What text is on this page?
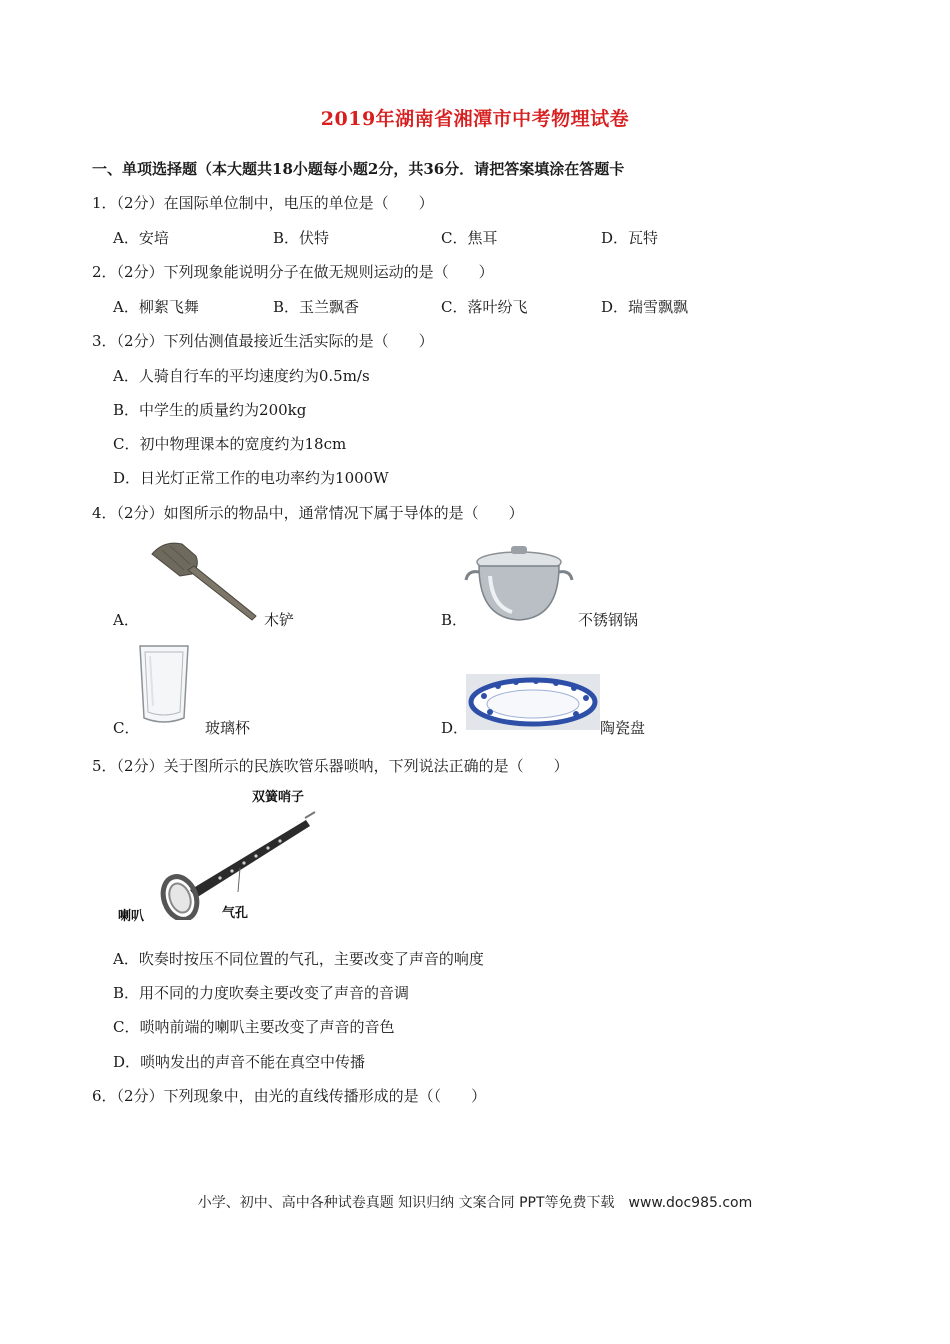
2019年湖南省湘潭市中考物理试卷
一、单项选择题（本大题共18小题每小题2分，共36分．请把答案填涂在答题卡
1．（2分）在国际单位制中，电压的单位是（　　）
A．安培	B．伏特	C．焦耳	D．瓦特
2．（2分）下列现象能说明分子在做无规则运动的是（　　）
A．柳絮飞舞	B．玉兰飘香	C．落叶纷飞	D．瑞雪飘飘
3．（2分）下列估测值最接近生活实际的是（　　）
A．人骑自行车的平均速度约为0.5m/s
B．中学生的质量约为200kg
C．初中物理课本的宽度约为18cm
D．日光灯正常工作的电功率约为1000W
4．（2分）如图所示的物品中，通常情况下属于导体的是（　　）
A．	木铲	B．	不锈钢锅
C．	玻璃杯	D．	陶瓷盘
5．（2分）关于图所示的民族吹管乐器唢呐，下列说法正确的是（　　）
双簧哨子
喇叭	气孔
A．吹奏时按压不同位置的气孔，主要改变了声音的响度
B．用不同的力度吹奏主要改变了声音的音调
C．唢呐前端的喇叭主要改变了声音的音色
D．唢呐发出的声音不能在真空中传播
6．（2分）下列现象中，由光的直线传播形成的是（（　　）
小学、初中、高中各种试卷真题 知识归纳 文案合同 PPT等免费下载　www.doc985.com
